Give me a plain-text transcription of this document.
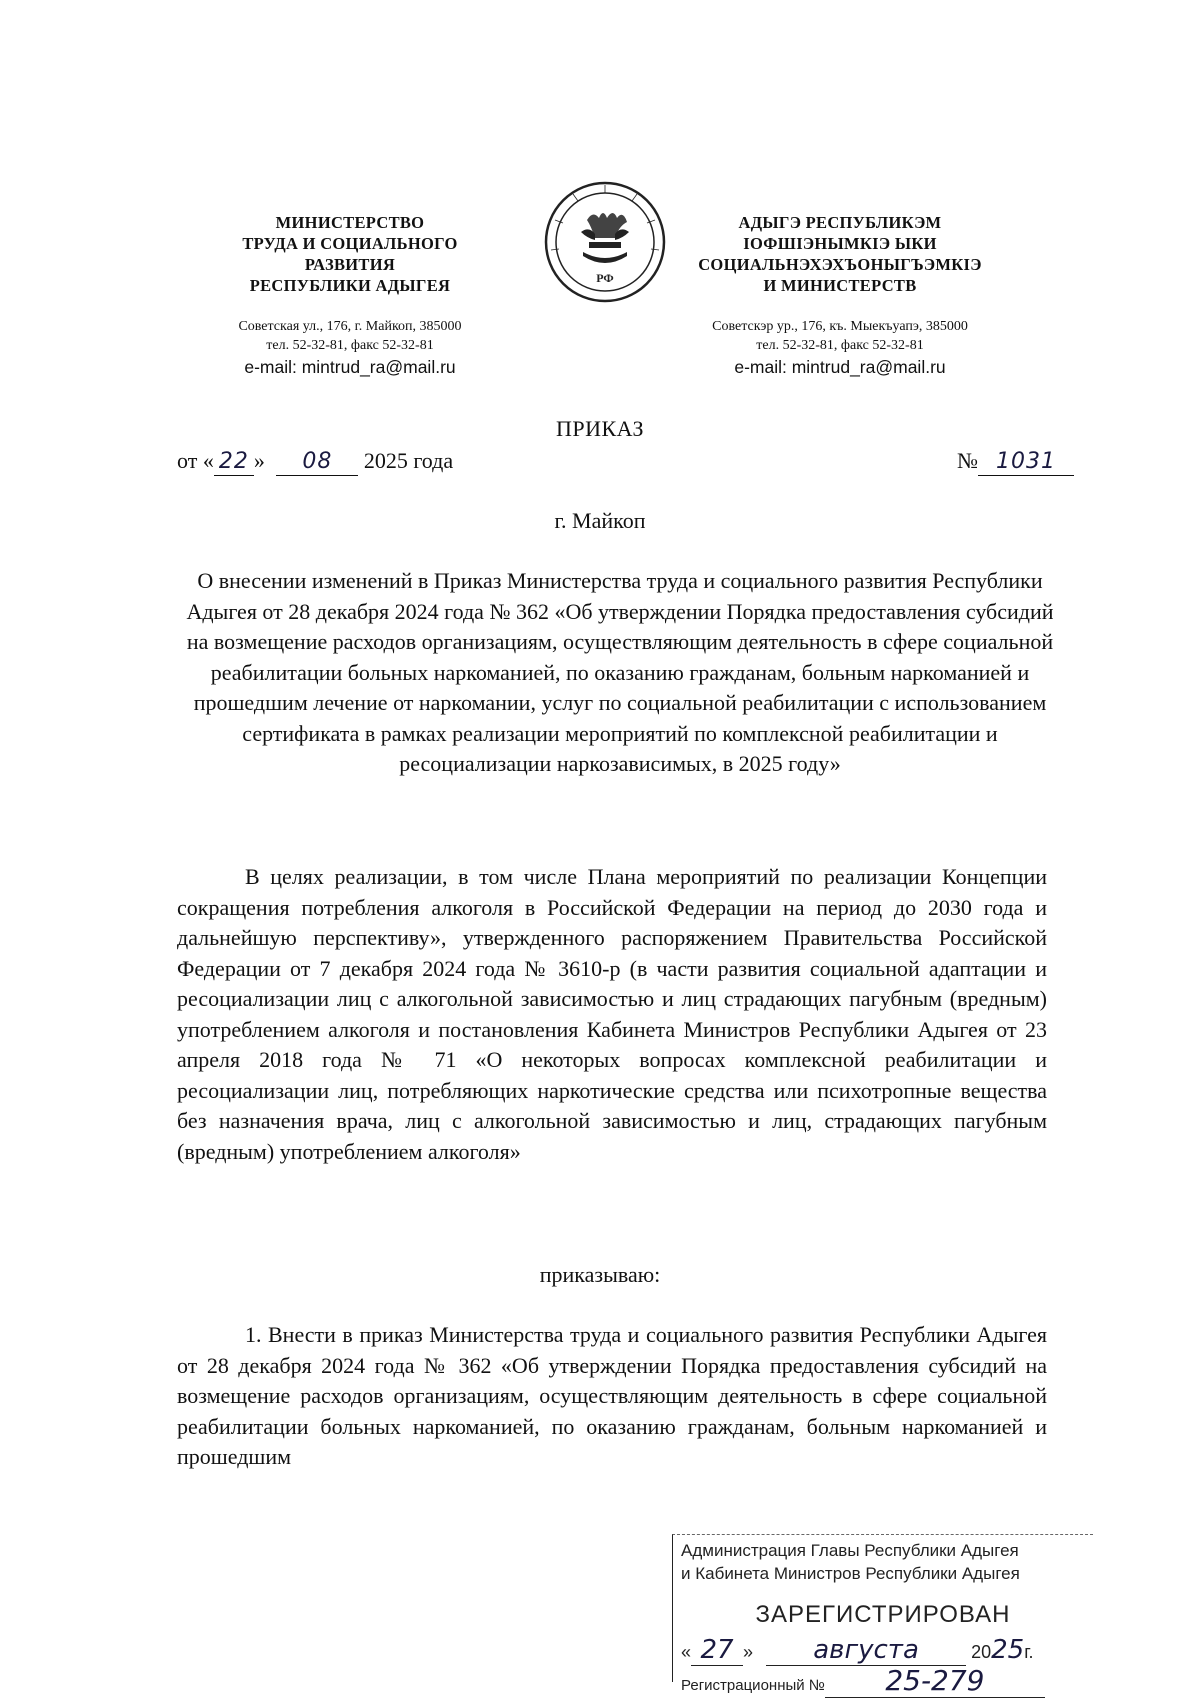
МИНИСТЕРСТВО
ТРУДА И СОЦИАЛЬНОГО
РАЗВИТИЯ
РЕСПУБЛИКИ АДЫГЕЯ
Советская ул., 176, г. Майкоп, 385000
тел. 52-32-81, факс 52-32-81
e-mail: mintrud_ra@mail.ru
РФ
АДЫГЭ РЕСПУБЛИКЭМ
IОФШIЭНЫМКIЭ ЫКИ
СОЦИАЛЬНЭХЭХЪОНЫГЪЭМКIЭ
И МИНИСТЕРСТВ
Советскэр ур., 176, къ. Мыекъуапэ, 385000
тел. 52-32-81, факс 52-32-81
e-mail: mintrud_ra@mail.ru
ПРИКАЗ
от « 22 » 08 2025 года	№ 1031
г. Майкоп
О внесении изменений в Приказ Министерства труда и социального развития Республики Адыгея от 28 декабря 2024 года № 362 «Об утверждении Порядка предоставления субсидий на возмещение расходов организациям, осуществляющим деятельность в сфере социальной реабилитации больных наркоманией, по оказанию гражданам, больным наркоманией и прошедшим лечение от наркомании, услуг по социальной реабилитации с использованием сертификата в рамках реализации мероприятий по комплексной реабилитации и ресоциализации наркозависимых, в 2025 году»
В целях реализации, в том числе Плана мероприятий по реализации Концепции сокращения потребления алкоголя в Российской Федерации на период до 2030 года и дальнейшую перспективу», утвержденного распоряжением Правительства Российской Федерации от 7 декабря 2024 года № 3610-р (в части развития социальной адаптации и ресоциализации лиц с алкогольной зависимостью и лиц страдающих пагубным (вредным) употреблением алкоголя и постановления Кабинета Министров Республики Адыгея от 23 апреля 2018 года № 71 «О некоторых вопросах комплексной реабилитации и ресоциализации лиц, потребляющих наркотические средства или психотропные вещества без назначения врача, лиц с алкогольной зависимостью и лиц, страдающих пагубным (вредным) употреблением алкоголя»
приказываю:
1. Внести в приказ Министерства труда и социального развития Республики Адыгея от 28 декабря 2024 года № 362 «Об утверждении Порядка предоставления субсидий на возмещение расходов организациям, осуществляющим деятельность в сфере социальной реабилитации больных наркоманией, по оказанию гражданам, больным наркоманией и прошедшим
Администрация Главы Республики Адыгея
и Кабинета Министров Республики Адыгея
ЗАРЕГИСТРИРОВАН
« 27 » августа	2025г.
Регистрационный № 25-279
